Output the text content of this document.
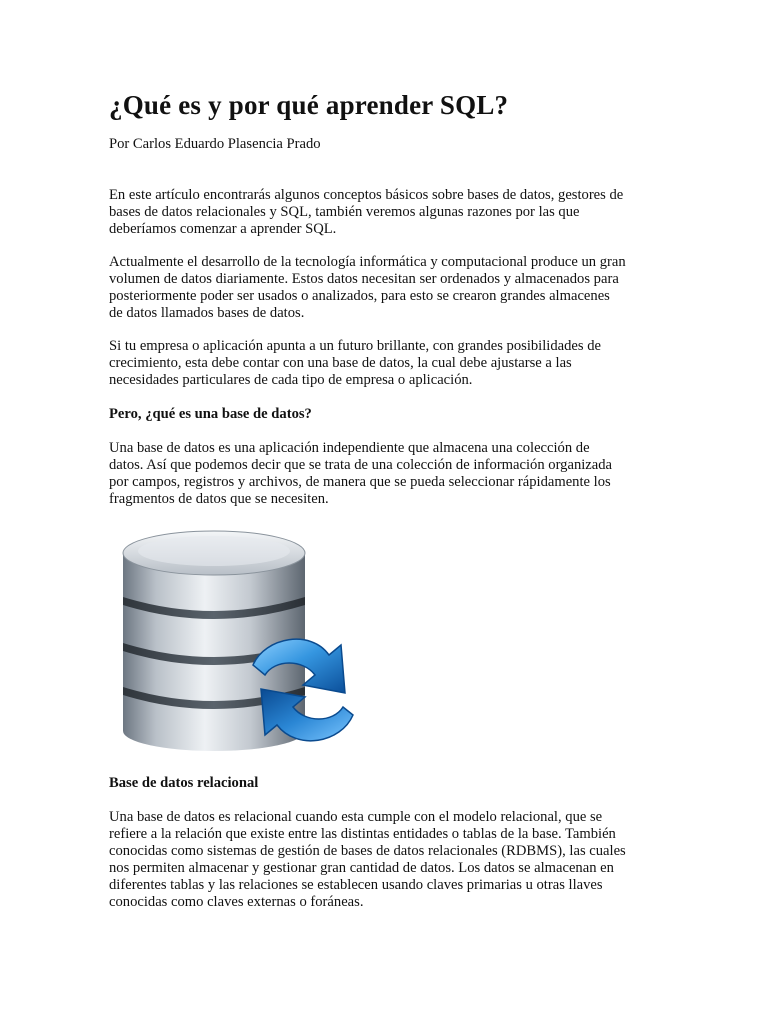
¿Qué es y por qué aprender SQL?
Por Carlos Eduardo Plasencia Prado

En este artículo encontrarás algunos conceptos básicos sobre bases de datos, gestores de
bases de datos relacionales y SQL, también veremos algunas razones por las que
deberíamos comenzar a aprender SQL.

Actualmente el desarrollo de la tecnología informática y computacional produce un gran
volumen de datos diariamente. Estos datos necesitan ser ordenados y almacenados para
posteriormente poder ser usados o analizados, para esto se crearon grandes almacenes
de datos llamados bases de datos.

Si tu empresa o aplicación apunta a un futuro brillante, con grandes posibilidades de
crecimiento, esta debe contar con una base de datos, la cual debe ajustarse a las
necesidades particulares de cada tipo de empresa o aplicación.

Pero, ¿qué es una base de datos?

Una base de datos es una aplicación independiente que almacena una colección de
datos. Así que podemos decir que se trata de una colección de información organizada
por campos, registros y archivos, de manera que se pueda seleccionar rápidamente los
fragmentos de datos que se necesiten.

Base de datos relacional

Una base de datos es relacional cuando esta cumple con el modelo relacional, que se
refiere a la relación que existe entre las distintas entidades o tablas de la base. También
conocidas como sistemas de gestión de bases de datos relacionales (RDBMS), las cuales
nos permiten almacenar y gestionar gran cantidad de datos. Los datos se almacenan en
diferentes tablas y las relaciones se establecen usando claves primarias u otras llaves
conocidas como claves externas o foráneas.
